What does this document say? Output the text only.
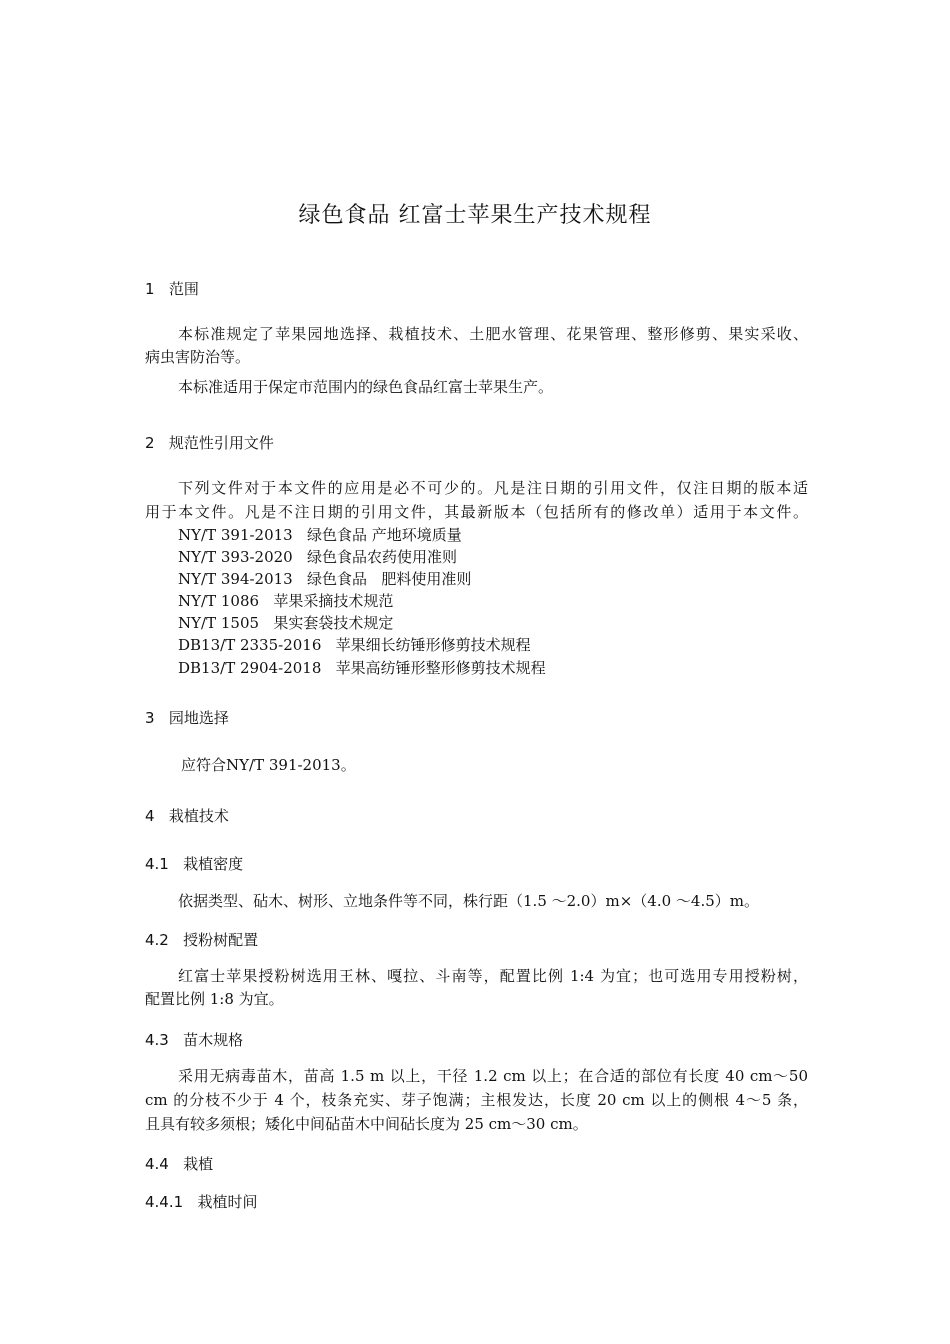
绿色食品 红富士苹果生产技术规程
1   范围
本标准规定了苹果园地选择、栽植技术、土肥水管理、花果管理、整形修剪、果实采收、
病虫害防治等。
本标准适用于保定市范围内的绿色食品红富士苹果生产。
2   规范性引用文件
下列文件对于本文件的应用是必不可少的。凡是注日期的引用文件，仅注日期的版本适
用于本文件。凡是不注日期的引用文件，其最新版本（包括所有的修改单）适用于本文件。
NY/T 391-2013   绿色食品 产地环境质量
NY/T 393-2020   绿色食品农药使用准则
NY/T 394-2013   绿色食品   肥料使用准则
NY/T 1086   苹果采摘技术规范
NY/T 1505   果实套袋技术规定
DB13/T 2335-2016   苹果细长纺锤形修剪技术规程
DB13/T 2904-2018   苹果高纺锤形整形修剪技术规程
3   园地选择
应符合NY/T 391-2013。
4   栽植技术
4.1   栽植密度
依据类型、砧木、树形、立地条件等不同，株行距（1.5 ～2.0）m×（4.0 ～4.5）m。
4.2   授粉树配置
红富士苹果授粉树选用王林、嘎拉、斗南等，配置比例 1:4 为宜；也可选用专用授粉树，
配置比例 1:8 为宜。
4.3   苗木规格
采用无病毒苗木，苗高 1.5 m 以上，干径 1.2 cm 以上；在合适的部位有长度 40 cm～50
cm 的分枝不少于 4 个，枝条充实、芽子饱满；主根发达，长度 20 cm 以上的侧根 4～5 条，
且具有较多须根；矮化中间砧苗木中间砧长度为 25 cm～30 cm。
4.4   栽植
4.4.1   栽植时间
